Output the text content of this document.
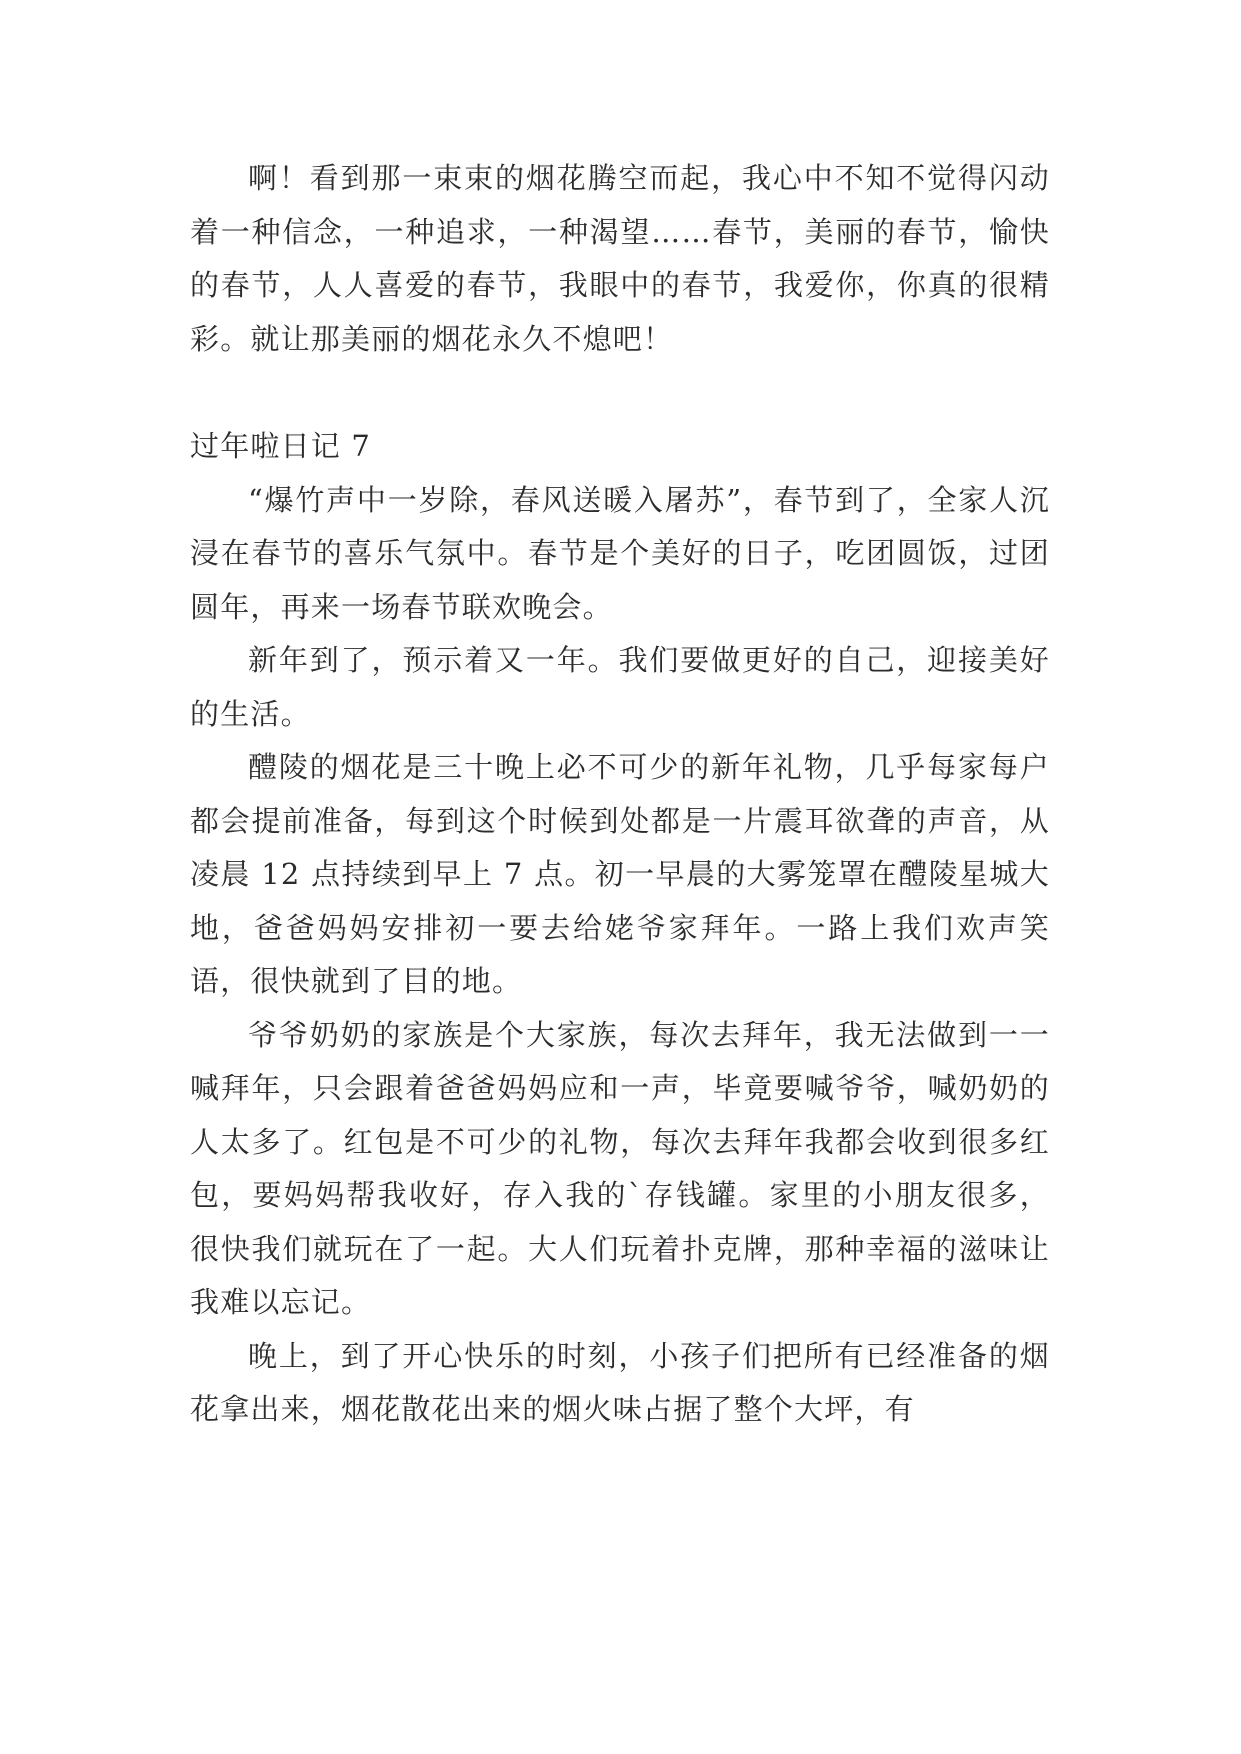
啊！看到那一束束的烟花腾空而起，我心中不知不觉得闪动着一种信念，一种追求，一种渴望……春节，美丽的春节，愉快的春节，人人喜爱的春节，我眼中的春节，我爱你，你真的很精彩。就让那美丽的烟花永久不熄吧！

过年啦日记 7

“爆竹声中一岁除，春风送暖入屠苏”，春节到了，全家人沉浸在春节的喜乐气氛中。春节是个美好的日子，吃团圆饭，过团圆年，再来一场春节联欢晚会。

新年到了，预示着又一年。我们要做更好的自己，迎接美好的生活。

醴陵的烟花是三十晚上必不可少的新年礼物，几乎每家每户都会提前准备，每到这个时候到处都是一片震耳欲聋的声音，从凌晨 12 点持续到早上 7 点。初一早晨的大雾笼罩在醴陵星城大地，爸爸妈妈安排初一要去给姥爷家拜年。一路上我们欢声笑语，很快就到了目的地。

爷爷奶奶的家族是个大家族，每次去拜年，我无法做到一一喊拜年，只会跟着爸爸妈妈应和一声，毕竟要喊爷爷，喊奶奶的人太多了。红包是不可少的礼物，每次去拜年我都会收到很多红包，要妈妈帮我收好，存入我的`存钱罐。家里的小朋友很多，很快我们就玩在了一起。大人们玩着扑克牌，那种幸福的滋味让我难以忘记。

晚上，到了开心快乐的时刻，小孩子们把所有已经准备的烟花拿出来，烟花散花出来的烟火味占据了整个大坪，有
